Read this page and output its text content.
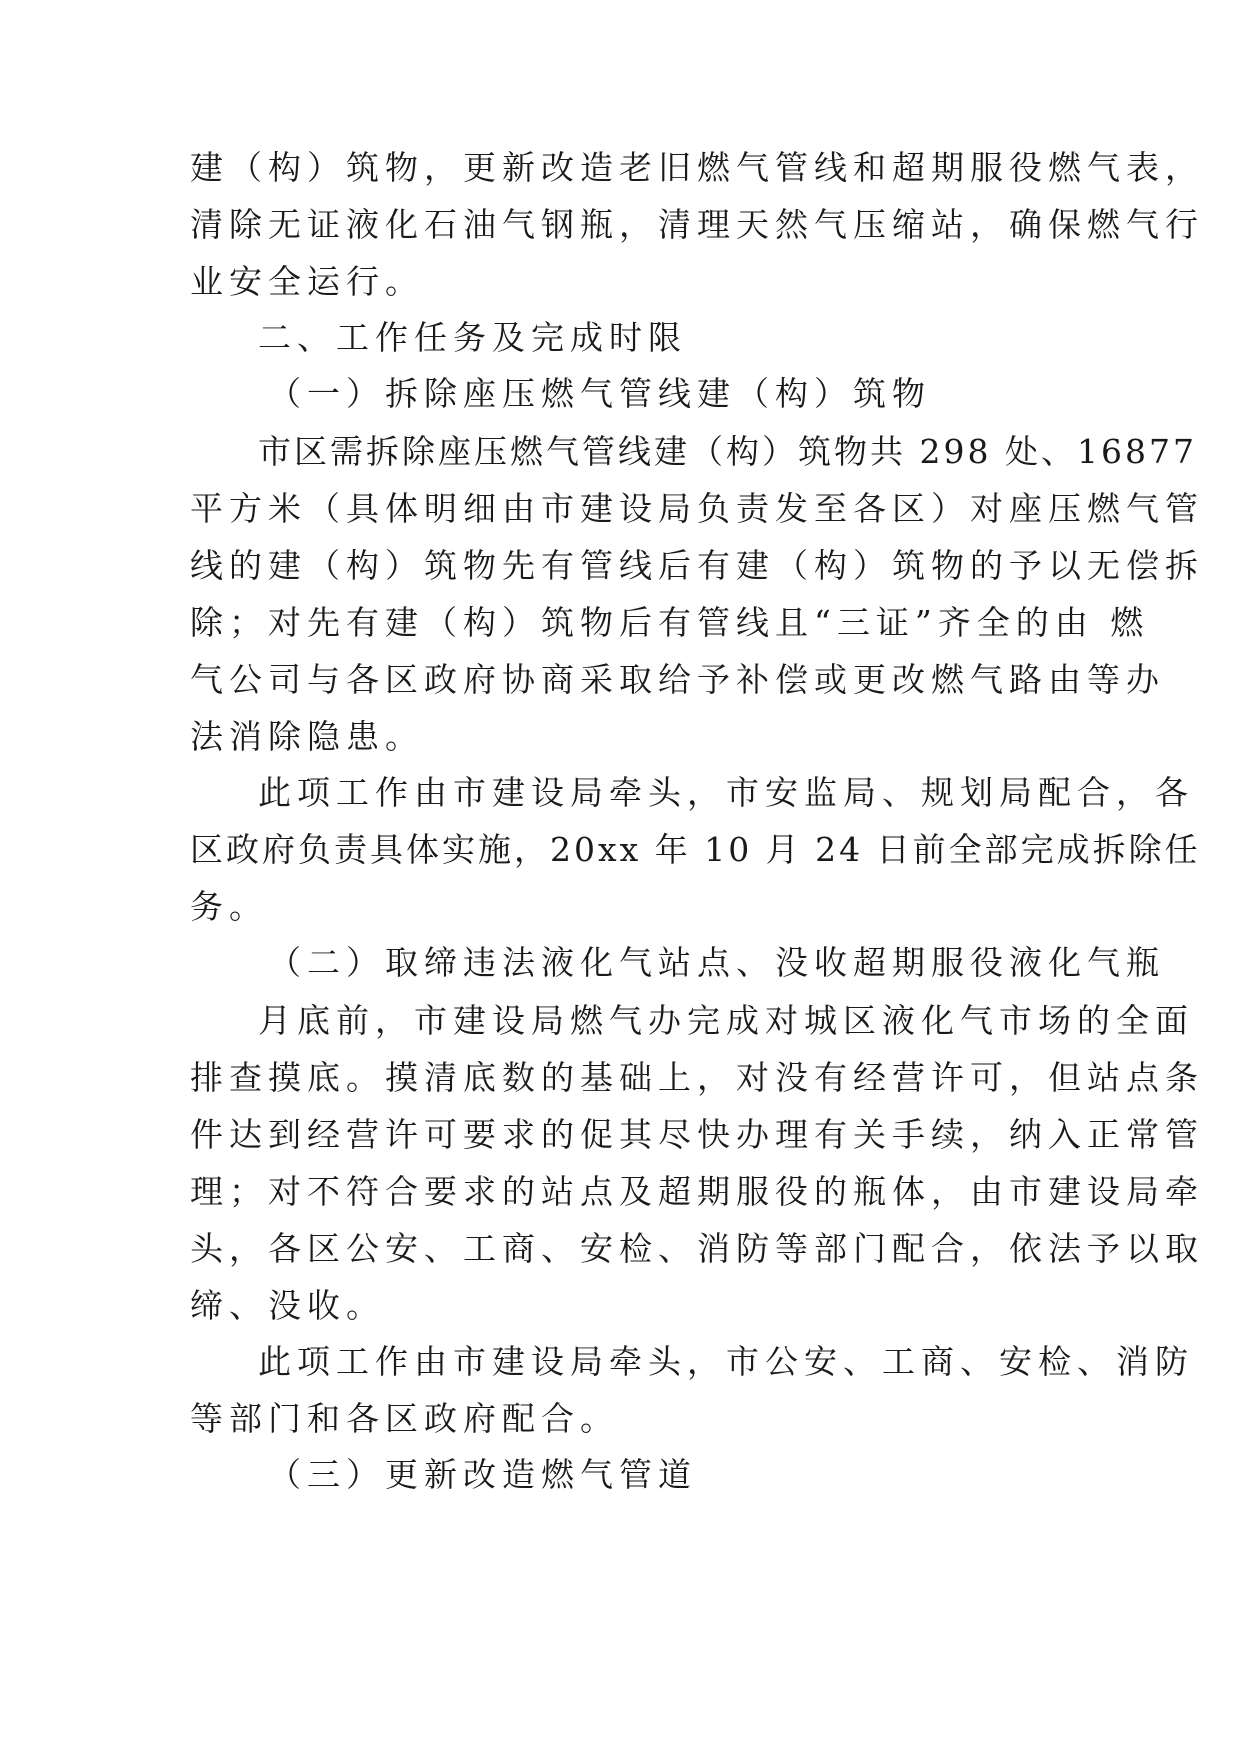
建（构）筑物，更新改造老旧燃气管线和超期服役燃气表，
清除无证液化石油气钢瓶，清理天然气压缩站，确保燃气行
业安全运行。
二、工作任务及完成时限
（一）拆除座压燃气管线建（构）筑物
市区需拆除座压燃气管线建（构）筑物共 298 处、16877
平方米（具体明细由市建设局负责发至各区）对座压燃气管
线的建（构）筑物先有管线后有建（构）筑物的予以无偿拆
除；对先有建（构）筑物后有管线且“三证”齐全的由 燃
气公司与各区政府协商采取给予补偿或更改燃气路由等办
法消除隐患。
此项工作由市建设局牵头，市安监局、规划局配合，各
区政府负责具体实施，20xx 年 10 月 24 日前全部完成拆除任
务。
（二）取缔违法液化气站点、没收超期服役液化气瓶
月底前，市建设局燃气办完成对城区液化气市场的全面
排查摸底。摸清底数的基础上，对没有经营许可，但站点条
件达到经营许可要求的促其尽快办理有关手续，纳入正常管
理；对不符合要求的站点及超期服役的瓶体，由市建设局牵
头，各区公安、工商、安检、消防等部门配合，依法予以取
缔、没收。
此项工作由市建设局牵头，市公安、工商、安检、消防
等部门和各区政府配合。
（三）更新改造燃气管道
